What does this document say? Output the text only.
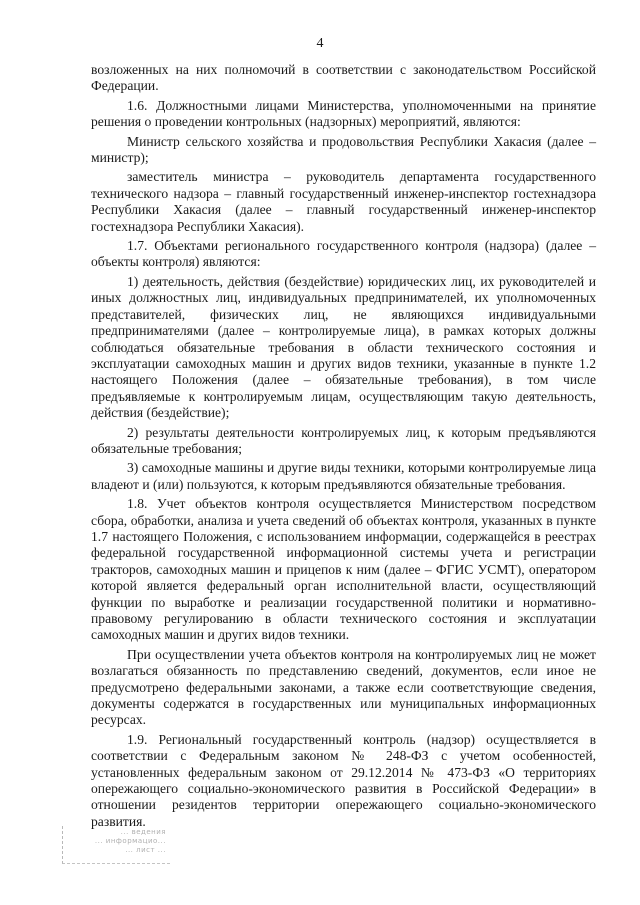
4

возложенных на них полномочий в соответствии с законодательством Российской Федерации.

1.6. Должностными лицами Министерства, уполномоченными на принятие решения о проведении контрольных (надзорных) мероприятий, являются:

Министр сельского хозяйства и продовольствия Республики Хакасия (далее – министр);

заместитель министра – руководитель департамента государственного технического надзора – главный государственный инженер-инспектор гостехнадзора Республики Хакасия (далее – главный государственный инженер-инспектор гостехнадзора Республики Хакасия).

1.7. Объектами регионального государственного контроля (надзора) (далее – объекты контроля) являются:

1) деятельность, действия (бездействие) юридических лиц, их руководителей и иных должностных лиц, индивидуальных предпринимателей, их уполномоченных представителей, физических лиц, не являющихся индивидуальными предпринимателями (далее – контролируемые лица), в рамках которых должны соблюдаться обязательные требования в области технического состояния и эксплуатации самоходных машин и других видов техники, указанные в пункте 1.2 настоящего Положения (далее – обязательные требования), в том числе предъявляемые к контролируемым лицам, осуществляющим такую деятельность, действия (бездействие);

2) результаты деятельности контролируемых лиц, к которым предъявляются обязательные требования;

3) самоходные машины и другие виды техники, которыми контролируемые лица владеют и (или) пользуются, к которым предъявляются обязательные требования.

1.8. Учет объектов контроля осуществляется Министерством посредством сбора, обработки, анализа и учета сведений об объектах контроля, указанных в пункте 1.7 настоящего Положения, с использованием информации, содержащейся в реестрах федеральной государственной информационной системы учета и регистрации тракторов, самоходных машин и прицепов к ним (далее – ФГИС УСМТ), оператором которой является федеральный орган исполнительной власти, осуществляющий функции по выработке и реализации государственной политики и нормативно-правовому регулированию в области технического состояния и эксплуатации самоходных машин и других видов техники.

При осуществлении учета объектов контроля на контролируемых лиц не может возлагаться обязанность по представлению сведений, документов, если иное не предусмотрено федеральными законами, а также если соответствующие сведения, документы содержатся в государственных или муниципальных информационных ресурсах.

1.9. Региональный государственный контроль (надзор) осуществляется в соответствии с Федеральным законом № 248-ФЗ с учетом особенностей, установленных федеральным законом от 29.12.2014 № 473-ФЗ «О территориях опережающего социально-экономического развития в Российской Федерации» в отношении резидентов территории опережающего социально-экономического развития.

... ведения
... информацио...
... лист ...
